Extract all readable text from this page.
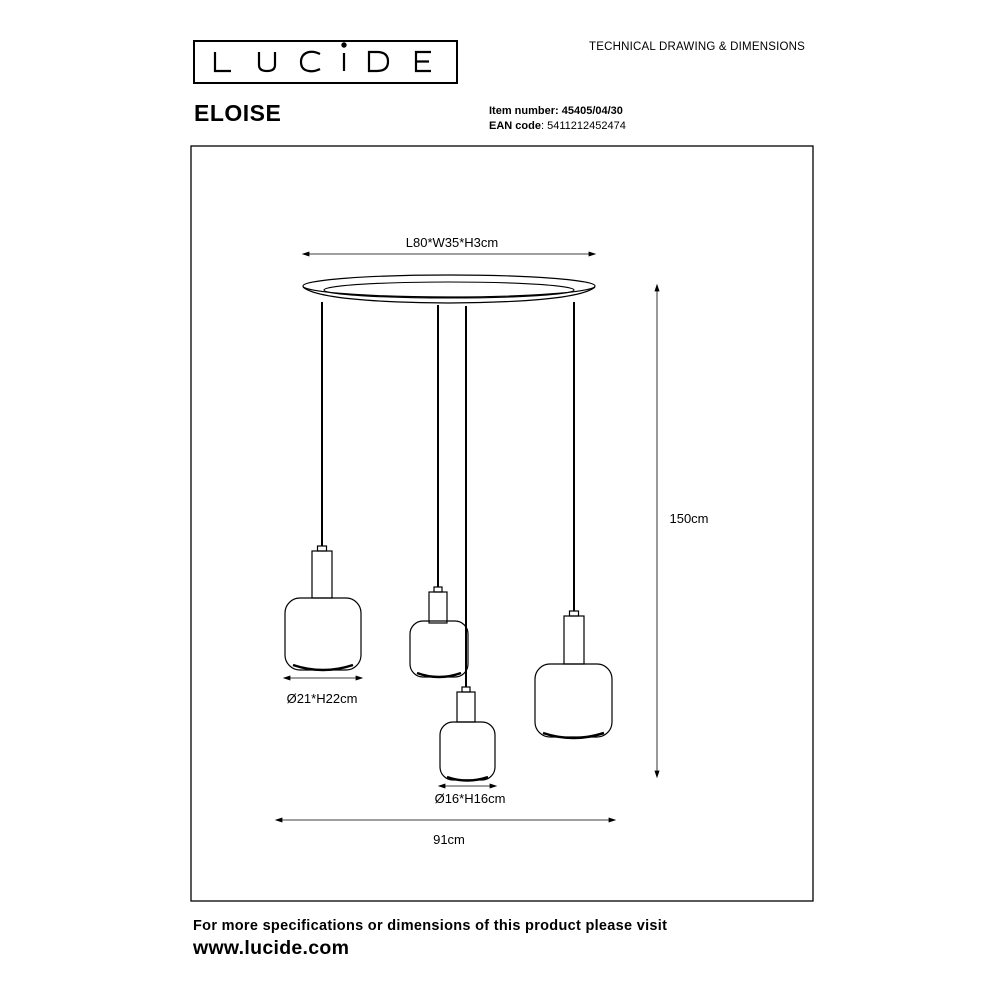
TECHNICAL DRAWING & DIMENSIONS
ELOISE	Item number: 45405/04/30
EAN code: 5411212452474
L80*W35*H3cm
Ø21*H22cm
Ø16*H16cm
91cm
150cm
For more specifications or dimensions of this product please visit
www.lucide.com
